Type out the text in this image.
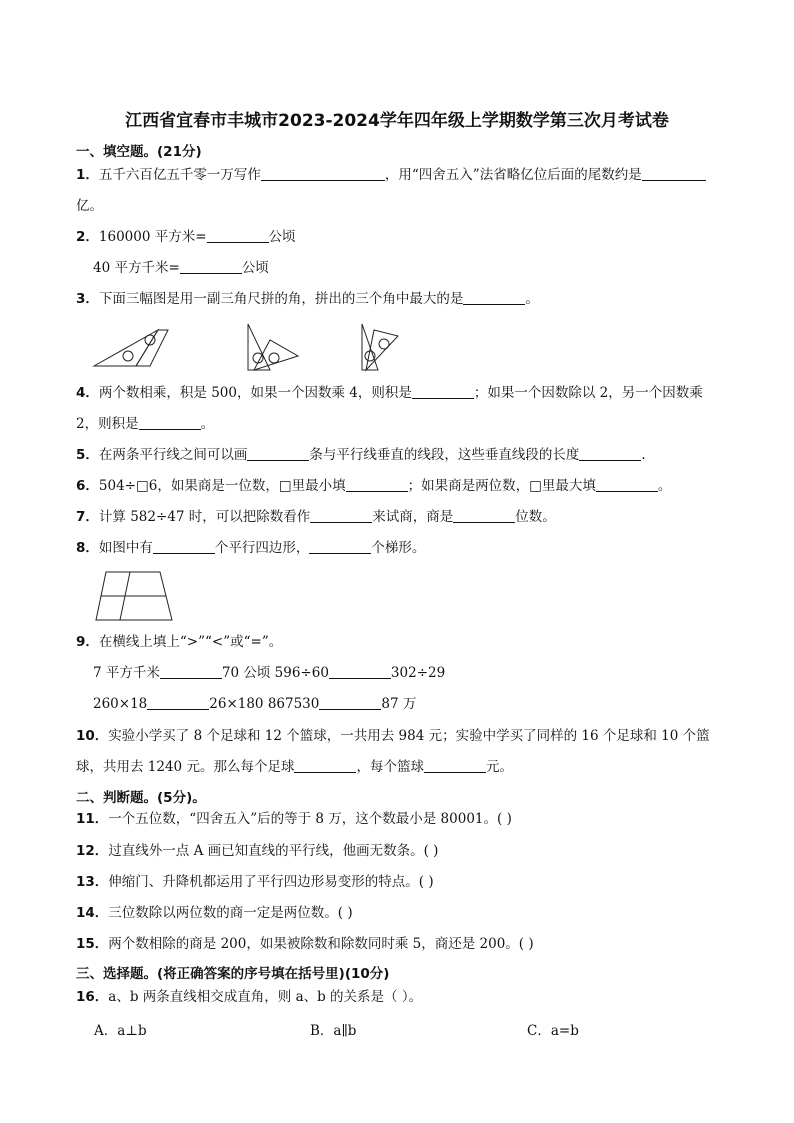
江西省宜春市丰城市2023-2024学年四年级上学期数学第三次月考试卷
一、填空题。(21分)
1．五千六百亿五千零一万写作	，用“四舍五入”法省略亿位后面的尾数约是
亿。
2．160000 平方米=	公顷
40 平方千米=	公顷
3．下面三幅图是用一副三角尺拼的角，拼出的三个角中最大的是	。
4．两个数相乘，积是 500，如果一个因数乘 4，则积是	；如果一个因数除以 2，另一个因数乘
2，则积是	。
5．在两条平行线之间可以画	条与平行线垂直的线段，这些垂直线段的长度	.
6．504÷□6，如果商是一位数，□里最小填	；如果商是两位数，□里最大填	。
7．计算 582÷47 时，可以把除数看作	来试商，商是	位数。
8．如图中有	个平行四边形，	个梯形。
9．在横线上填上“>”“<”或“=”。
7 平方千米	70 公顷 596÷60	302÷29
260×18	26×180 867530	87 万
10．实验小学买了 8 个足球和 12 个篮球，一共用去 984 元；实验中学买了同样的 16 个足球和 10 个篮
球，共用去 1240 元。那么每个足球	，每个篮球	元。
二、判断题。(5分)。
11．一个五位数，“四舍五入”后的等于 8 万，这个数最小是 80001。( )
12．过直线外一点 A 画已知直线的平行线，他画无数条。( )
13．伸缩门、升降机都运用了平行四边形易变形的特点。( )
14．三位数除以两位数的商一定是两位数。( )
15．两个数相除的商是 200，如果被除数和除数同时乘 5，商还是 200。( )
三、选择题。(将正确答案的序号填在括号里)(10分)
16．a、b 两条直线相交成直角，则 a、b 的关系是（ ）。
A．a⊥b	B．a∥b	C．a=b
